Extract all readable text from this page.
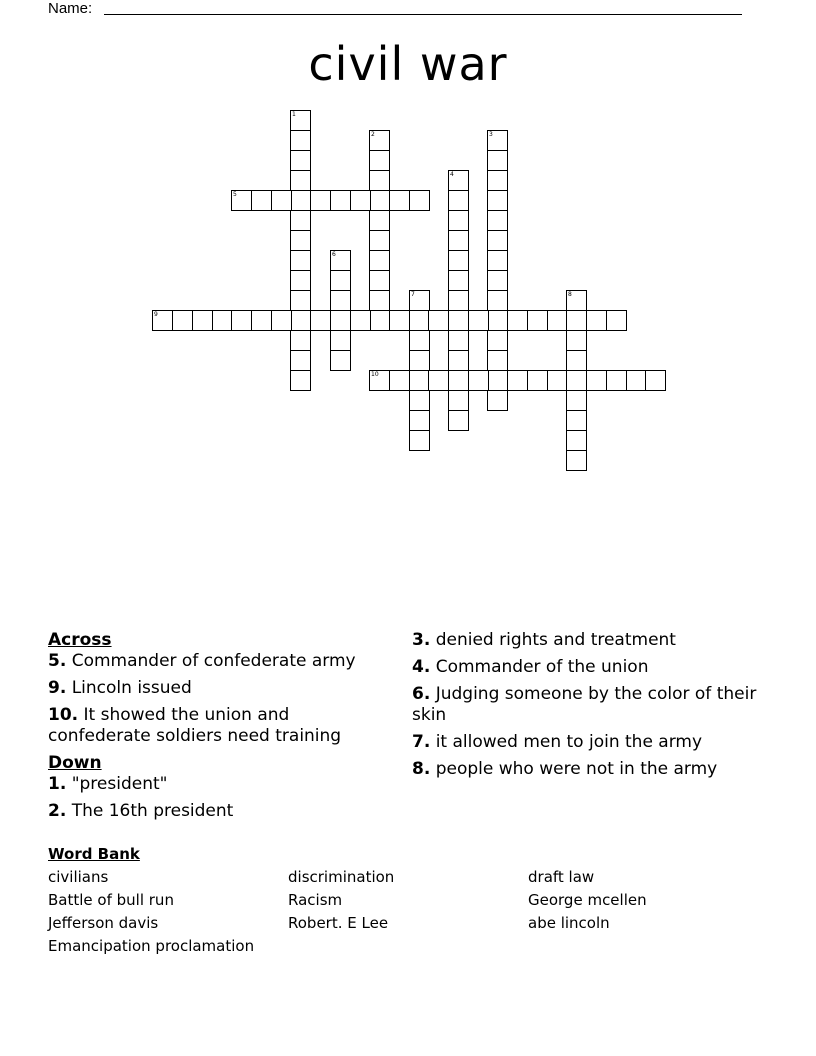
Name:
civil war
1
2	3
4
5
6
7	8
9
10
Across
5. Commander of confederate army
9. Lincoln issued
10. It showed the union and confederate soldiers need training
Down
1. "president"
2. The 16th president
3. denied rights and treatment
4. Commander of the union
6. Judging someone by the color of their skin
7. it allowed men to join the army
8. people who were not in the army
Word Bank
civilians
Battle of bull run
Jefferson davis
Emancipation proclamation
discrimination
Racism
Robert. E Lee
draft law
George mcellen
abe lincoln
